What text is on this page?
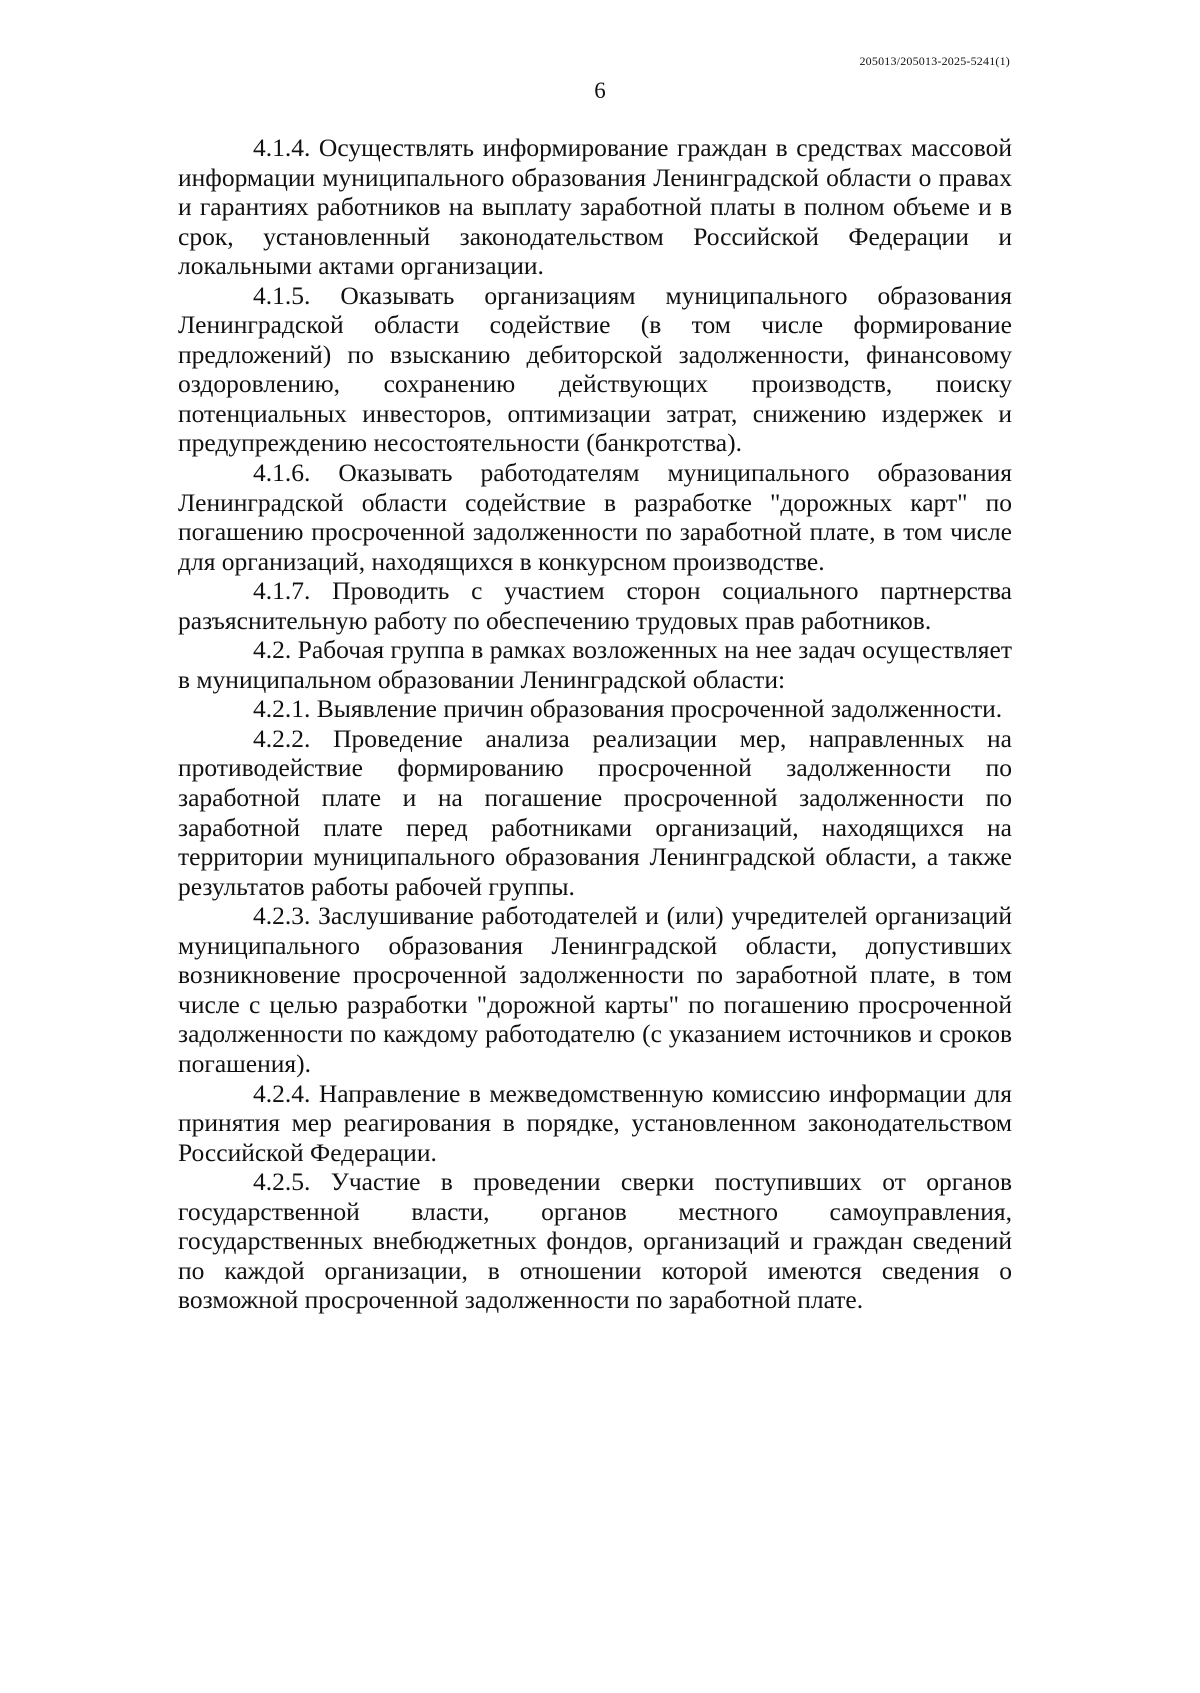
205013/205013-2025-5241(1)
6

4.1.4. Осуществлять информирование граждан в средствах массовой информации муниципального образования Ленинградской области о правах и гарантиях работников на выплату заработной платы в полном объеме и в срок, установленный законодательством Российской Федерации и локальными актами организации.

4.1.5. Оказывать организациям муниципального образования Ленинградской области содействие (в том числе формирование предложений) по взысканию дебиторской задолженности, финансовому оздоровлению, сохранению действующих производств, поиску потенциальных инвесторов, оптимизации затрат, снижению издержек и предупреждению несостоятельности (банкротства).

4.1.6. Оказывать работодателям муниципального образования Ленинградской области содействие в разработке "дорожных карт" по погашению просроченной задолженности по заработной плате, в том числе для организаций, находящихся в конкурсном производстве.

4.1.7. Проводить с участием сторон социального партнерства разъяснительную работу по обеспечению трудовых прав работников.

4.2. Рабочая группа в рамках возложенных на нее задач осуществляет в муниципальном образовании Ленинградской области:

4.2.1. Выявление причин образования просроченной задолженности.

4.2.2. Проведение анализа реализации мер, направленных на противодействие формированию просроченной задолженности по заработной плате и на погашение просроченной задолженности по заработной плате перед работниками организаций, находящихся на территории муниципального образования Ленинградской области, а также результатов работы рабочей группы.

4.2.3. Заслушивание работодателей и (или) учредителей организаций муниципального образования Ленинградской области, допустивших возникновение просроченной задолженности по заработной плате, в том числе с целью разработки "дорожной карты" по погашению просроченной задолженности по каждому работодателю (с указанием источников и сроков погашения).

4.2.4. Направление в межведомственную комиссию информации для принятия мер реагирования в порядке, установленном законодательством Российской Федерации.

4.2.5. Участие в проведении сверки поступивших от органов государственной власти, органов местного самоуправления, государственных внебюджетных фондов, организаций и граждан сведений по каждой организации, в отношении которой имеются сведения о возможной просроченной задолженности по заработной плате.
